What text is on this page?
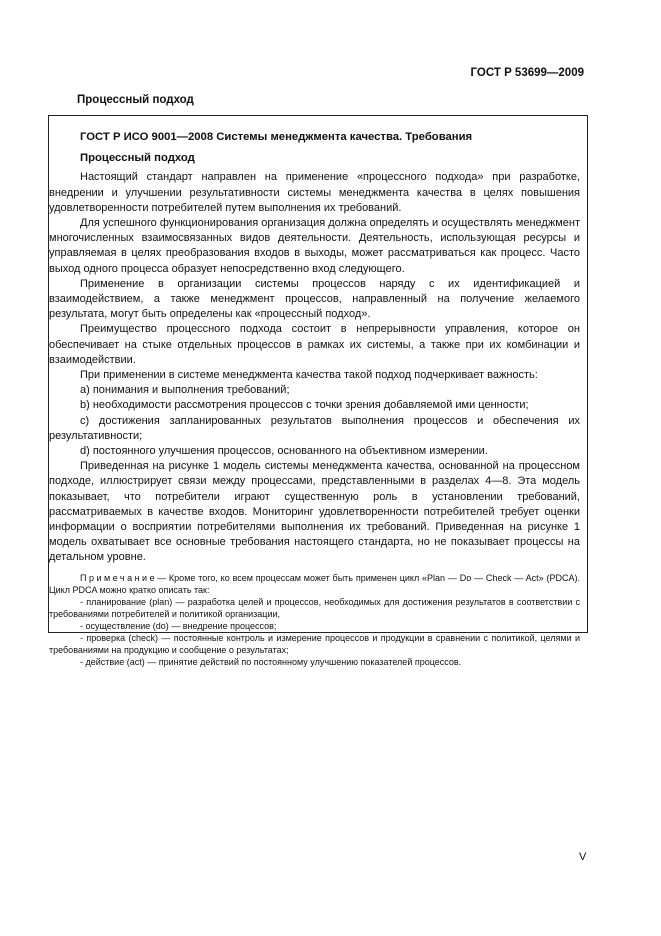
ГОСТ Р 53699—2009
Процессный подход

ГОСТ Р ИСО 9001—2008 Системы менеджмента качества. Требования

Процессный подход

Настоящий стандарт направлен на применение «процессного подхода» при разработке, внедрении и улучшении результативности системы менеджмента качества в целях повышения удовлетворенности потребителей путем выполнения их требований.

Для успешного функционирования организация должна определять и осуществлять менеджмент многочисленных взаимосвязанных видов деятельности. Деятельность, использующая ресурсы и управляемая в целях преобразования входов в выходы, может рассматриваться как процесс. Часто выход одного процесса образует непосредственно вход следующего.

Применение в организации системы процессов наряду с их идентификацией и взаимодействием, а также менеджмент процессов, направленный на получение желаемого результата, могут быть определены как «процессный подход».

Преимущество процессного подхода состоит в непрерывности управления, которое он обеспечивает на стыке отдельных процессов в рамках их системы, а также при их комбинации и взаимодействии.

При применении в системе менеджмента качества такой подход подчеркивает важность:

a) понимания и выполнения требований;

b) необходимости рассмотрения процессов с точки зрения добавляемой ими ценности;

c) достижения запланированных результатов выполнения процессов и обеспечения их результативности;

d) постоянного улучшения процессов, основанного на объективном измерении.

Приведенная на рисунке 1 модель системы менеджмента качества, основанной на процессном подходе, иллюстрирует связи между процессами, представленными в разделах 4—8. Эта модель показывает, что потребители играют существенную роль в установлении требований, рассматриваемых в качестве входов. Мониторинг удовлетворенности потребителей требует оценки информации о восприятии потребителями выполнения их требований. Приведенная на рисунке 1 модель охватывает все основные требования настоящего стандарта, но не показывает процессы на детальном уровне.

Примечание— Кроме того, ко всем процессам может быть применен цикл «Plan — Do — Check — Act» (PDCA). Цикл PDCA можно кратко описать так:

- планирование (plan) — разработка целей и процессов, необходимых для достижения результатов в соответствии с требованиями потребителей и политикой организации,

- осуществление (do) — внедрение процессов;

- проверка (check) — постоянные контроль и измерение процессов и продукции в сравнении с политикой, целями и требованиями на продукцию и сообщение о результатах;

- действие (act) — принятие действий по постоянному улучшению показателей процессов.

V
